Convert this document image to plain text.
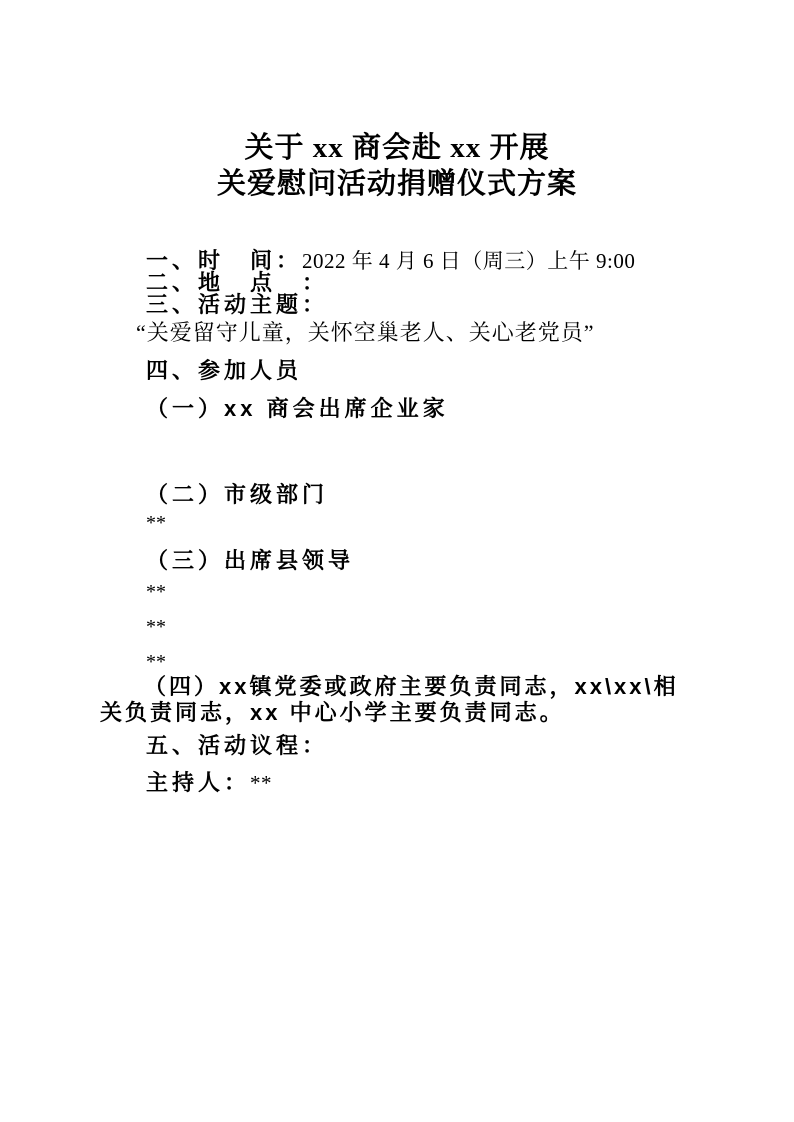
关于 xx 商会赴 xx 开展
关爱慰问活动捐赠仪式方案
一、时　间：2022 年 4 月 6 日（周三）上午 9:00
二、地　点　：
三、活动主题：
“关爱留守儿童，关怀空巢老人、关心老党员”
四、参加人员
（一）xx 商会出席企业家
（二）市级部门
**
（三）出席县领导
**
**
**
（四）xx镇党委或政府主要负责同志，xx\xx\相关负责同志，xx 中心小学主要负责同志。
五、活动议程：
主持人：**
